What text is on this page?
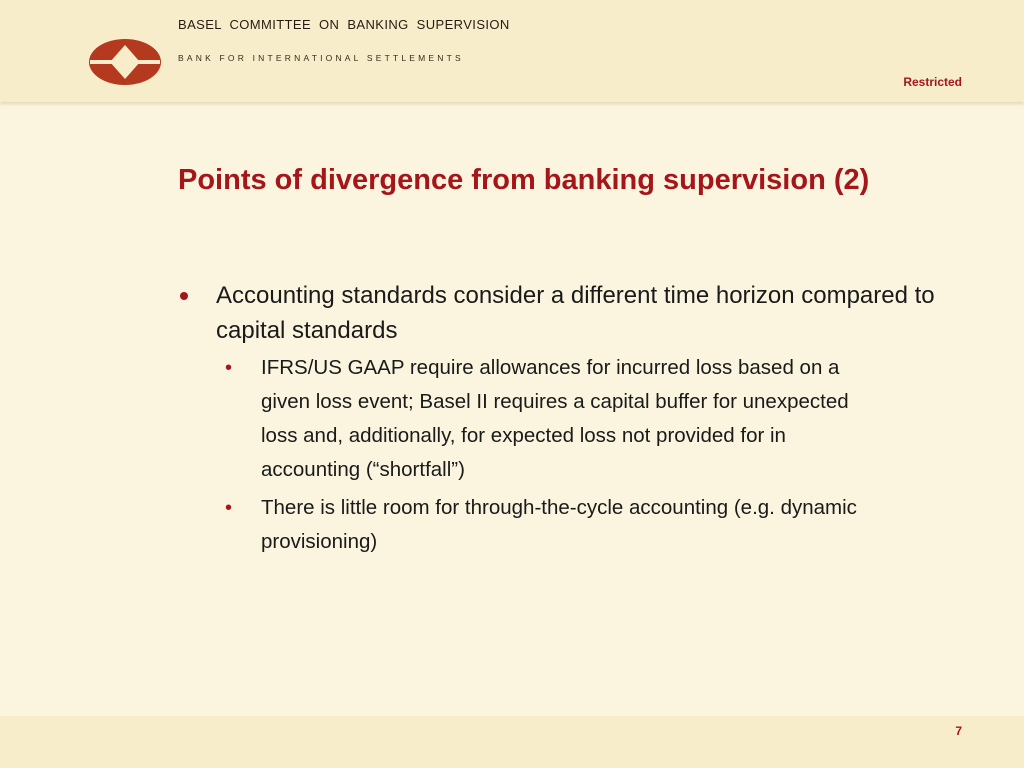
BASEL COMMITTEE ON BANKING SUPERVISION
BANK FOR INTERNATIONAL SETTLEMENTS
Restricted
Points of divergence from banking supervision (2)
Accounting standards consider a different time horizon compared to capital standards
• IFRS/US GAAP require allowances for incurred loss based on a given loss event; Basel II requires a capital buffer for unexpected loss and, additionally, for expected loss not provided for in accounting (“shortfall”)
• There is little room for through-the-cycle accounting (e.g. dynamic provisioning)
7
